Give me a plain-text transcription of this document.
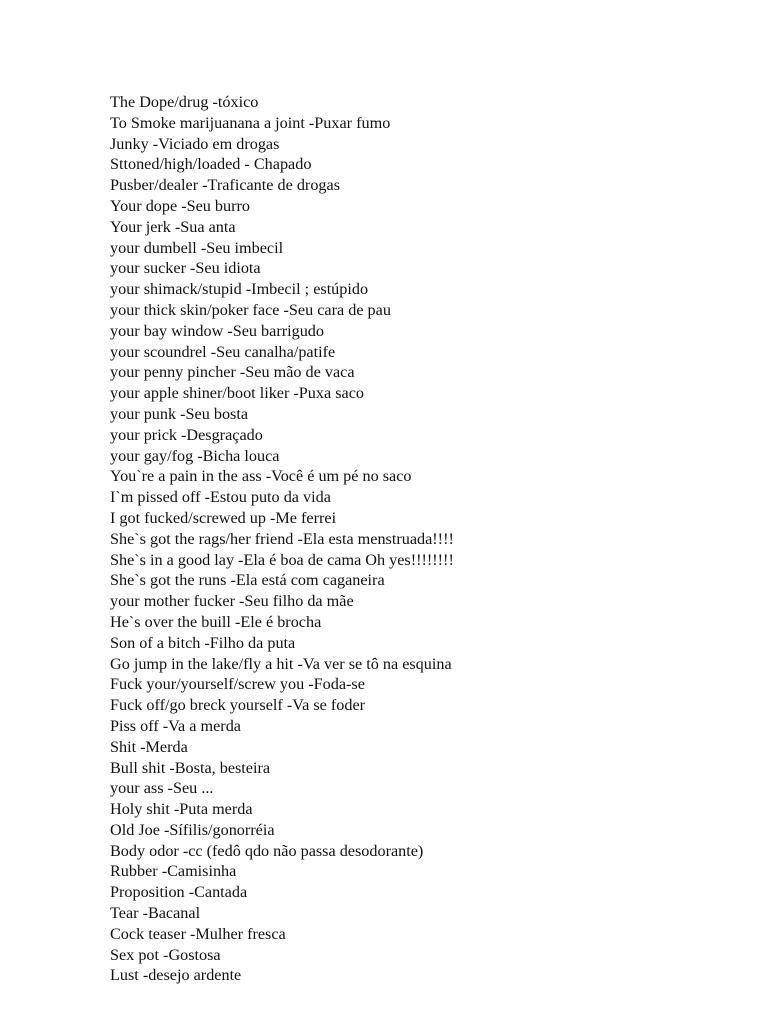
The Dope/drug -tóxico
To Smoke marijuanana a joint -Puxar fumo
Junky -Viciado em drogas
Sttoned/high/loaded - Chapado
Pusber/dealer -Traficante de drogas
Your dope -Seu burro
Your jerk -Sua anta
your dumbell -Seu imbecil
your sucker -Seu idiota
your shimack/stupid -Imbecil ; estúpido
your thick skin/poker face -Seu cara de pau
your bay window -Seu barrigudo
your scoundrel -Seu canalha/patife
your penny pincher -Seu mão de vaca
your apple shiner/boot liker -Puxa saco
your punk -Seu bosta
your prick -Desgraçado
your gay/fog -Bicha louca
You`re a pain in the ass -Você é um pé no saco
I`m pissed off -Estou puto da vida
I got fucked/screwed up -Me ferrei
She`s got the rags/her friend -Ela esta menstruada!!!!
She`s in a good lay -Ela é boa de cama Oh yes!!!!!!!!
She`s got the runs -Ela está com caganeira
your mother fucker -Seu filho da mãe
He`s over the buill -Ele é brocha
Son of a bitch -Filho da puta
Go jump in the lake/fly a hit -Va ver se tô na esquina
Fuck your/yourself/screw you -Foda-se
Fuck off/go breck yourself -Va se foder
Piss off -Va a merda
Shit -Merda
Bull shit -Bosta, besteira
your ass -Seu ...
Holy shit -Puta merda
Old Joe -Sífilis/gonorréia
Body odor -cc (fedô qdo não passa desodorante)
Rubber -Camisinha
Proposition -Cantada
Tear -Bacanal
Cock teaser -Mulher fresca
Sex pot -Gostosa
Lust -desejo ardente
